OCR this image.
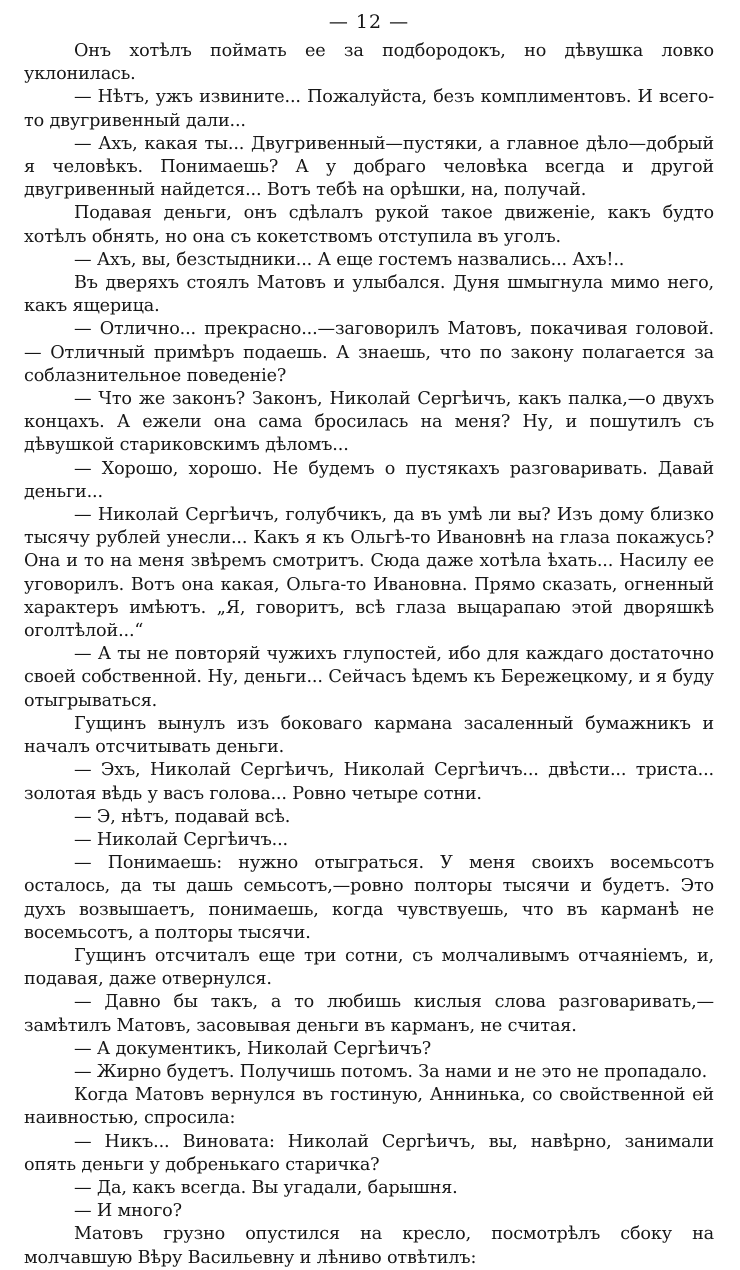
— 12 —

Онъ хотѣлъ поймать ее за подбородокъ, но дѣвушка ловко уклонилась.

— Нѣтъ, ужъ извините... Пожалуйста, безъ комплиментовъ. И всего-то двугривенный дали...

— Ахъ, какая ты... Двугривенный—пустяки, а главное дѣло—добрый я человѣкъ. Понимаешь? А у добраго человѣка всегда и другой двугривенный найдется... Вотъ тебѣ на орѣшки, на, получай.

Подавая деньги, онъ сдѣлалъ рукой такое движеніе, какъ будто хотѣлъ обнять, но она съ кокетствомъ отступила въ уголъ.

— Ахъ, вы, безстыдники... А еще гостемъ назвались... Ахъ!..

Въ дверяхъ стоялъ Матовъ и улыбался. Дуня шмыгнула мимо него, какъ ящерица.

— Отлично... прекрасно...—заговорилъ Матовъ, покачивая головой.— Отличный примѣръ подаешь. А знаешь, что по закону полагается за соблазнительное поведеніе?

— Что же законъ? Законъ, Николай Сергѣичъ, какъ палка,—о двухъ концахъ. А ежели она сама бросилась на меня? Ну, и пошутилъ съ дѣвушкой стариковскимъ дѣломъ...

— Хорошо, хорошо. Не будемъ о пустякахъ разговаривать. Давай деньги...

— Николай Сергѣичъ, голубчикъ, да въ умѣ ли вы? Изъ дому близко тысячу рублей унесли... Какъ я къ Ольгѣ-то Ивановнѣ на глаза покажусь? Она и то на меня звѣремъ смотритъ. Сюда даже хотѣла ѣхать... Насилу ее уговорилъ. Вотъ она какая, Ольга-то Ивановна. Прямо сказать, огненный характеръ имѣютъ. „Я, говоритъ, всѣ глаза выцарапаю этой дворяшкѣ оголтѣлой...“

— А ты не повторяй чужихъ глупостей, ибо для каждаго достаточно своей собственной. Ну, деньги... Сейчасъ ѣдемъ къ Бережецкому, и я буду отыгрываться.

Гущинъ вынулъ изъ боковаго кармана засаленный бумажникъ и началъ отсчитывать деньги.

— Эхъ, Николай Сергѣичъ, Николай Сергѣичъ... двѣсти... триста... золотая вѣдь у васъ голова... Ровно четыре сотни.

— Э, нѣтъ, подавай всѣ.

— Николай Сергѣичъ...

— Понимаешь: нужно отыграться. У меня своихъ восемьсотъ осталось, да ты дашь семьсотъ,—ровно полторы тысячи и будетъ. Это духъ возвышаетъ, понимаешь, когда чувствуешь, что въ карманѣ не восемьсотъ, а полторы тысячи.

Гущинъ отсчиталъ еще три сотни, съ молчаливымъ отчаяніемъ, и, подавая, даже отвернулся.

— Давно бы такъ, а то любишь кислыя слова разговаривать,—замѣтилъ Матовъ, засовывая деньги въ карманъ, не считая.

— А документикъ, Николай Сергѣичъ?

— Жирно будетъ. Получишь потомъ. За нами и не это не пропадало.

Когда Матовъ вернулся въ гостиную, Аннинька, со свойственной ей наивностью, спросила:

— Никъ... Виновата: Николай Сергѣичъ, вы, навѣрно, занимали опять деньги у добренькаго старичка?

— Да, какъ всегда. Вы угадали, барышня.

— И много?

Матовъ грузно опустился на кресло, посмотрѣлъ сбоку на молчавшую Вѣру Васильевну и лѣниво отвѣтилъ:
